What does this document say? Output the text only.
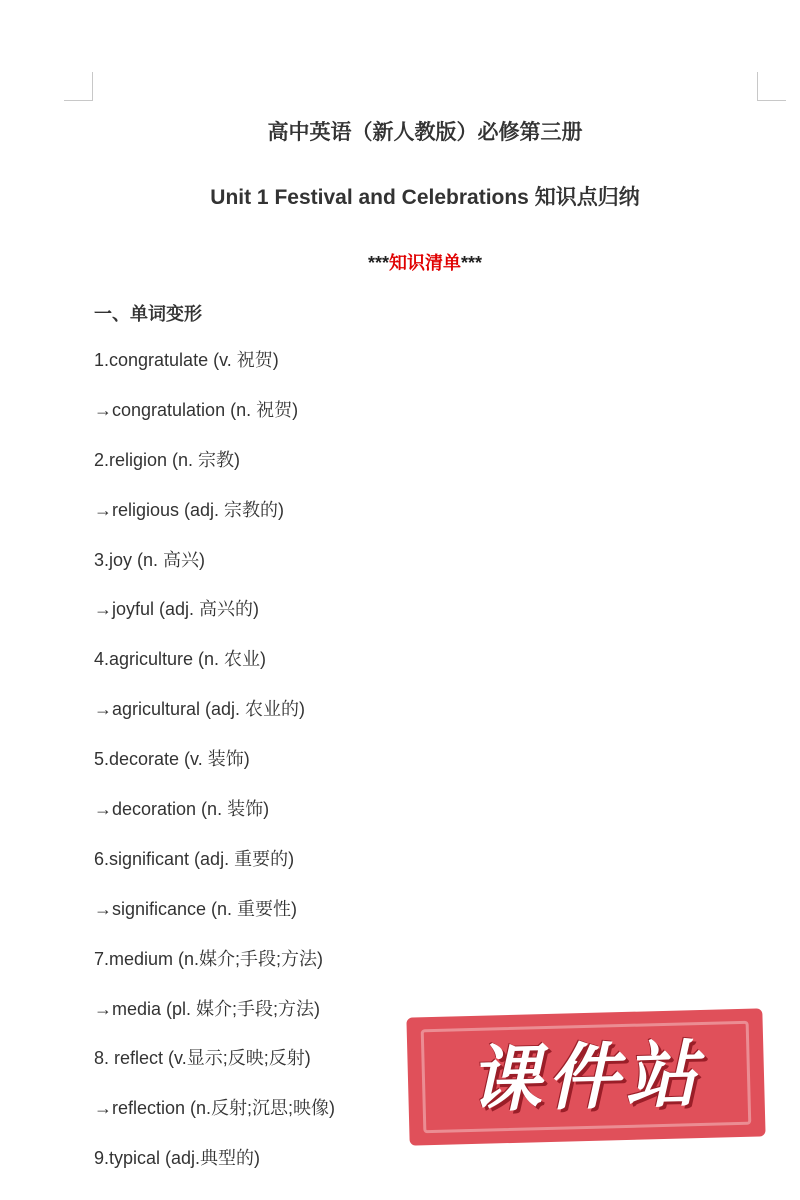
高中英语（新人教版）必修第三册
Unit 1 Festival and Celebrations 知识点归纳
***知识清单***
一、单词变形
1.congratulate (v. 祝贺)
→congratulation (n. 祝贺)
2.religion (n. 宗教)
→religious (adj. 宗教的)
3.joy (n. 高兴)
→joyful (adj. 高兴的)
4.agriculture (n. 农业)
→agricultural (adj. 农业的)
5.decorate (v. 装饰)
→decoration (n. 装饰)
6.significant (adj. 重要的)
→significance (n. 重要性)
7.medium (n.媒介;手段;方法)
→media (pl. 媒介;手段;方法)
8. reflect (v.显示;反映;反射)
→reflection (n.反射;沉思;映像)
9.typical (adj.典型的)
课件站
